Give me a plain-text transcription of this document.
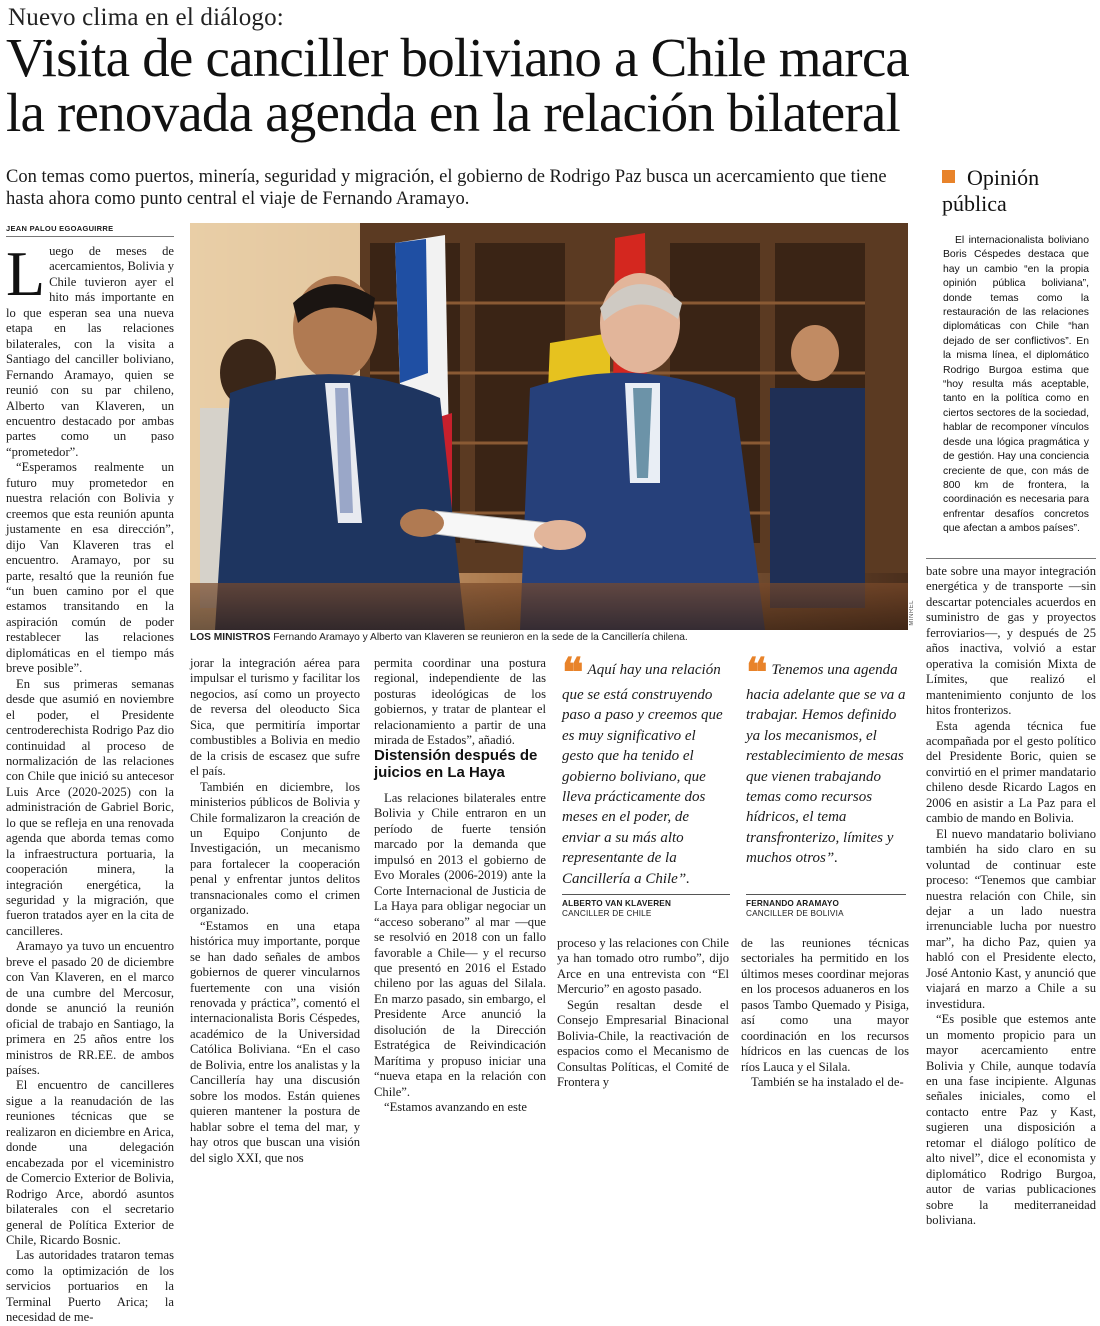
Nuevo clima en el diálogo:
Visita de canciller boliviano a Chile marca
la renovada agenda en la relación bilateral
Con temas como puertos, minería, seguridad y migración, el gobierno de Rodrigo Paz busca un acercamiento que tiene hasta ahora como punto central el viaje de Fernando Aramayo.
JEAN PALOU EGOAGUIRRE

Luego de meses de acercamientos, Bolivia y Chile tuvieron ayer el hito más importante en lo que esperan sea una nueva etapa en las relaciones bilaterales, con la visita a Santiago del canciller boliviano, Fernando Aramayo, quien se reunió con su par chileno, Alberto van Klaveren, un encuentro destacado por ambas partes como un paso “prometedor”.

“Esperamos realmente un futuro muy prometedor en nuestra relación con Bolivia y creemos que esta reunión apunta justamente en esa dirección”, dijo Van Klaveren tras el encuentro. Aramayo, por su parte, resaltó que la reunión fue “un buen camino por el que estamos transitando en la aspiración común de poder restablecer las relaciones diplomáticas en el tiempo más breve posible”.

En sus primeras semanas desde que asumió en noviembre el poder, el Presidente centroderechista Rodrigo Paz dio continuidad al proceso de normalización de las relaciones con Chile que inició su antecesor Luis Arce (2020-2025) con la administración de Gabriel Boric, lo que se refleja en una renovada agenda que aborda temas como la infraestructura portuaria, la cooperación minera, la integración energética, la seguridad y la migración, que fueron tratados ayer en la cita de cancilleres.

Aramayo ya tuvo un encuentro breve el pasado 20 de diciembre con Van Klaveren, en el marco de una cumbre del Mercosur, donde se anunció la reunión oficial de trabajo en Santiago, la primera en 25 años entre los ministros de RR.EE. de ambos países.

El encuentro de cancilleres sigue a la reanudación de las reuniones técnicas que se realizaron en diciembre en Arica, donde una delegación encabezada por el viceministro de Comercio Exterior de Bolivia, Rodrigo Arce, abordó asuntos bilaterales con el secretario general de Política Exterior de Chile, Ricardo Bosnic.

Las autoridades trataron temas como la optimización de los servicios portuarios en la Terminal Puerto Arica; la necesidad de me-

MINREL
LOS MINISTROS Fernando Aramayo y Alberto van Klaveren se reunieron en la sede de la Cancillería chilena.

jorar la integración aérea para impulsar el turismo y facilitar los negocios, así como un proyecto de reversa del oleoducto Sica Sica, que permitiría importar combustibles a Bolivia en medio de la crisis de escasez que sufre el país.

También en diciembre, los ministerios públicos de Bolivia y Chile formalizaron la creación de un Equipo Conjunto de Investigación, un mecanismo para fortalecer la cooperación penal y enfrentar juntos delitos transnacionales como el crimen organizado.

“Estamos en una etapa histórica muy importante, porque se han dado señales de ambos gobiernos de querer vincularnos fuertemente con una visión renovada y práctica”, comentó el internacionalista Boris Céspedes, académico de la Universidad Católica Boliviana. “En el caso de Bolivia, entre los analistas y la Cancillería hay una discusión sobre los modos. Están quienes quieren mantener la postura de hablar sobre el tema del mar, y hay otros que buscan una visión del siglo XXI, que nos

permita coordinar una postura regional, independiente de las posturas ideológicas de los gobiernos, y tratar de plantear el relacionamiento a partir de una mirada de Estados”, añadió.

Distensión después de juicios en La Haya

Las relaciones bilaterales entre Bolivia y Chile entraron en un período de fuerte tensión marcado por la demanda que impulsó en 2013 el gobierno de Evo Morales (2006-2019) ante la Corte Internacional de Justicia de La Haya para obligar negociar un “acceso soberano” al mar —que se resolvió en 2018 con un fallo favorable a Chile— y el recurso que presentó en 2016 el Estado chileno por las aguas del Silala. En marzo pasado, sin embargo, el Presidente Arce anunció la disolución de la Dirección Estratégica de Reivindicación Marítima y propuso iniciar una “nueva etapa en la relación con Chile”.

“Estamos avanzando en este

❝ Aquí hay una relación que se está construyendo paso a paso y creemos que es muy significativo el gesto que ha tenido el gobierno boliviano, que lleva prácticamente dos meses en el poder, de enviar a su más alto representante de la Cancillería a Chile”.
ALBERTO VAN KLAVEREN
CANCILLER DE CHILE
❝ Tenemos una agenda hacia adelante que se va a trabajar. Hemos definido ya los mecanismos, el restablecimiento de mesas que vienen trabajando temas como recursos hídricos, el tema transfronterizo, límites y muchos otros”.
FERNANDO ARAMAYO
CANCILLER DE BOLIVIA

proceso y las relaciones con Chile ya han tomado otro rumbo”, dijo Arce en una entrevista con “El Mercurio” en agosto pasado.

Según resaltan desde el Consejo Empresarial Binacional Bolivia-Chile, la reactivación de espacios como el Mecanismo de Consultas Políticas, el Comité de Frontera y

de las reuniones técnicas sectoriales ha permitido en los últimos meses coordinar mejoras en los procesos aduaneros en los pasos Tambo Quemado y Pisiga, así como una mayor coordinación en los recursos hídricos en las cuencas de los ríos Lauca y el Silala.

También se ha instalado el de-

Opinión
pública

El internacionalista boliviano Boris Céspedes destaca que hay un cambio “en la propia opinión pública boliviana”, donde temas como la restauración de las relaciones diplomáticas con Chile “han dejado de ser conflictivos”. En la misma línea, el diplomático Rodrigo Burgoa estima que “hoy resulta más aceptable, tanto en la política como en ciertos sectores de la sociedad, hablar de recomponer vínculos desde una lógica pragmática y de gestión. Hay una conciencia creciente de que, con más de 800 km de frontera, la coordinación es necesaria para enfrentar desafíos concretos que afectan a ambos países”.

bate sobre una mayor integración energética y de transporte —sin descartar potenciales acuerdos en suministro de gas y proyectos ferroviarios—, y después de 25 años inactiva, volvió a estar operativa la comisión Mixta de Límites, que realizó el mantenimiento conjunto de los hitos fronterizos.

Esta agenda técnica fue acompañada por el gesto político del Presidente Boric, quien se convirtió en el primer mandatario chileno desde Ricardo Lagos en 2006 en asistir a La Paz para el cambio de mando en Bolivia.

El nuevo mandatario boliviano también ha sido claro en su voluntad de continuar este proceso: “Tenemos que cambiar nuestra relación con Chile, sin dejar a un lado nuestra irrenunciable lucha por nuestro mar”, ha dicho Paz, quien ya habló con el Presidente electo, José Antonio Kast, y anunció que viajará en marzo a Chile a su investidura.

“Es posible que estemos ante un momento propicio para un mayor acercamiento entre Bolivia y Chile, aunque todavía en una fase incipiente. Algunas señales iniciales, como el contacto entre Paz y Kast, sugieren una disposición a retomar el diálogo político de alto nivel”, dice el economista y diplomático Rodrigo Burgoa, autor de varias publicaciones sobre la mediterraneidad boliviana.
